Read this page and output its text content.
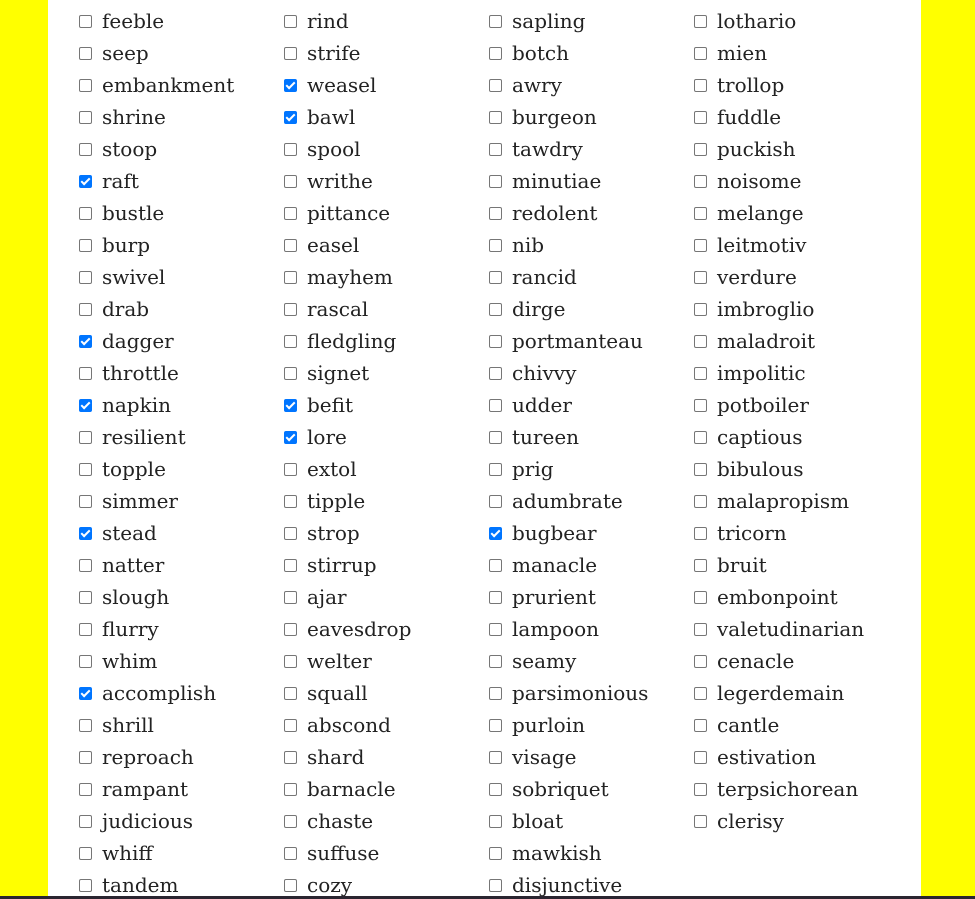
feeble
seep
embankment
shrine
stoop
raft
bustle
burp
swivel
drab
dagger
throttle
napkin
resilient
topple
simmer
stead
natter
slough
flurry
whim
accomplish
shrill
reproach
rampant
judicious
whiff
tandem
rind
strife
weasel
bawl
spool
writhe
pittance
easel
mayhem
rascal
fledgling
signet
befit
lore
extol
tipple
strop
stirrup
ajar
eavesdrop
welter
squall
abscond
shard
barnacle
chaste
suffuse
cozy
sapling
botch
awry
burgeon
tawdry
minutiae
redolent
nib
rancid
dirge
portmanteau
chivvy
udder
tureen
prig
adumbrate
bugbear
manacle
prurient
lampoon
seamy
parsimonious
purloin
visage
sobriquet
bloat
mawkish
disjunctive
lothario
mien
trollop
fuddle
puckish
noisome
melange
leitmotiv
verdure
imbroglio
maladroit
impolitic
potboiler
captious
bibulous
malapropism
tricorn
bruit
embonpoint
valetudinarian
cenacle
legerdemain
cantle
estivation
terpsichorean
clerisy
